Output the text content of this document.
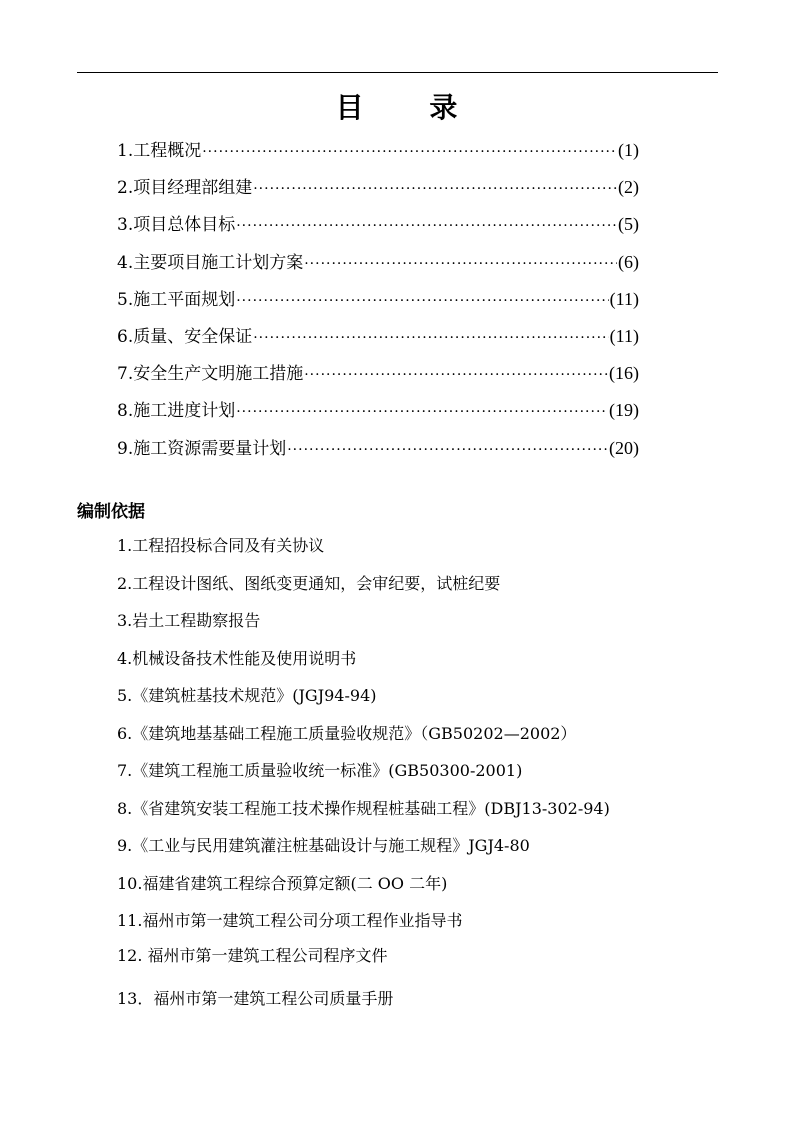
目 录
1.工程概况 ·····	(1)
2.项目经理部组建 ·····	(2)
3.项目总体目标 ·····	(5)
4.主要项目施工计划方案 ·····	(6)
5.施工平面规划 ·····	(11)
6.质量、安全保证 ·····	(11)
7.安全生产文明施工措施 ·····	(16)
8.施工进度计划 ·····	(19)
9.施工资源需要量计划 ·····	(20)
编制依据
1.工程招投标合同及有关协议
2.工程设计图纸、图纸变更通知，会审纪要，试桩纪要
3.岩土工程勘察报告
4.机械设备技术性能及使用说明书
5.《建筑桩基技术规范》(JGJ94-94)
6.《建筑地基基础工程施工质量验收规范》（GB50202—2002）
7.《建筑工程施工质量验收统一标准》(GB50300-2001)
8.《省建筑安装工程施工技术操作规程桩基础工程》(DBJ13-302-94)
9.《工业与民用建筑灌注桩基础设计与施工规程》JGJ4-80
10.福建省建筑工程综合预算定额(二 OO 二年)
11.福州市第一建筑工程公司分项工程作业指导书
12. 福州市第一建筑工程公司程序文件
13．福州市第一建筑工程公司质量手册
